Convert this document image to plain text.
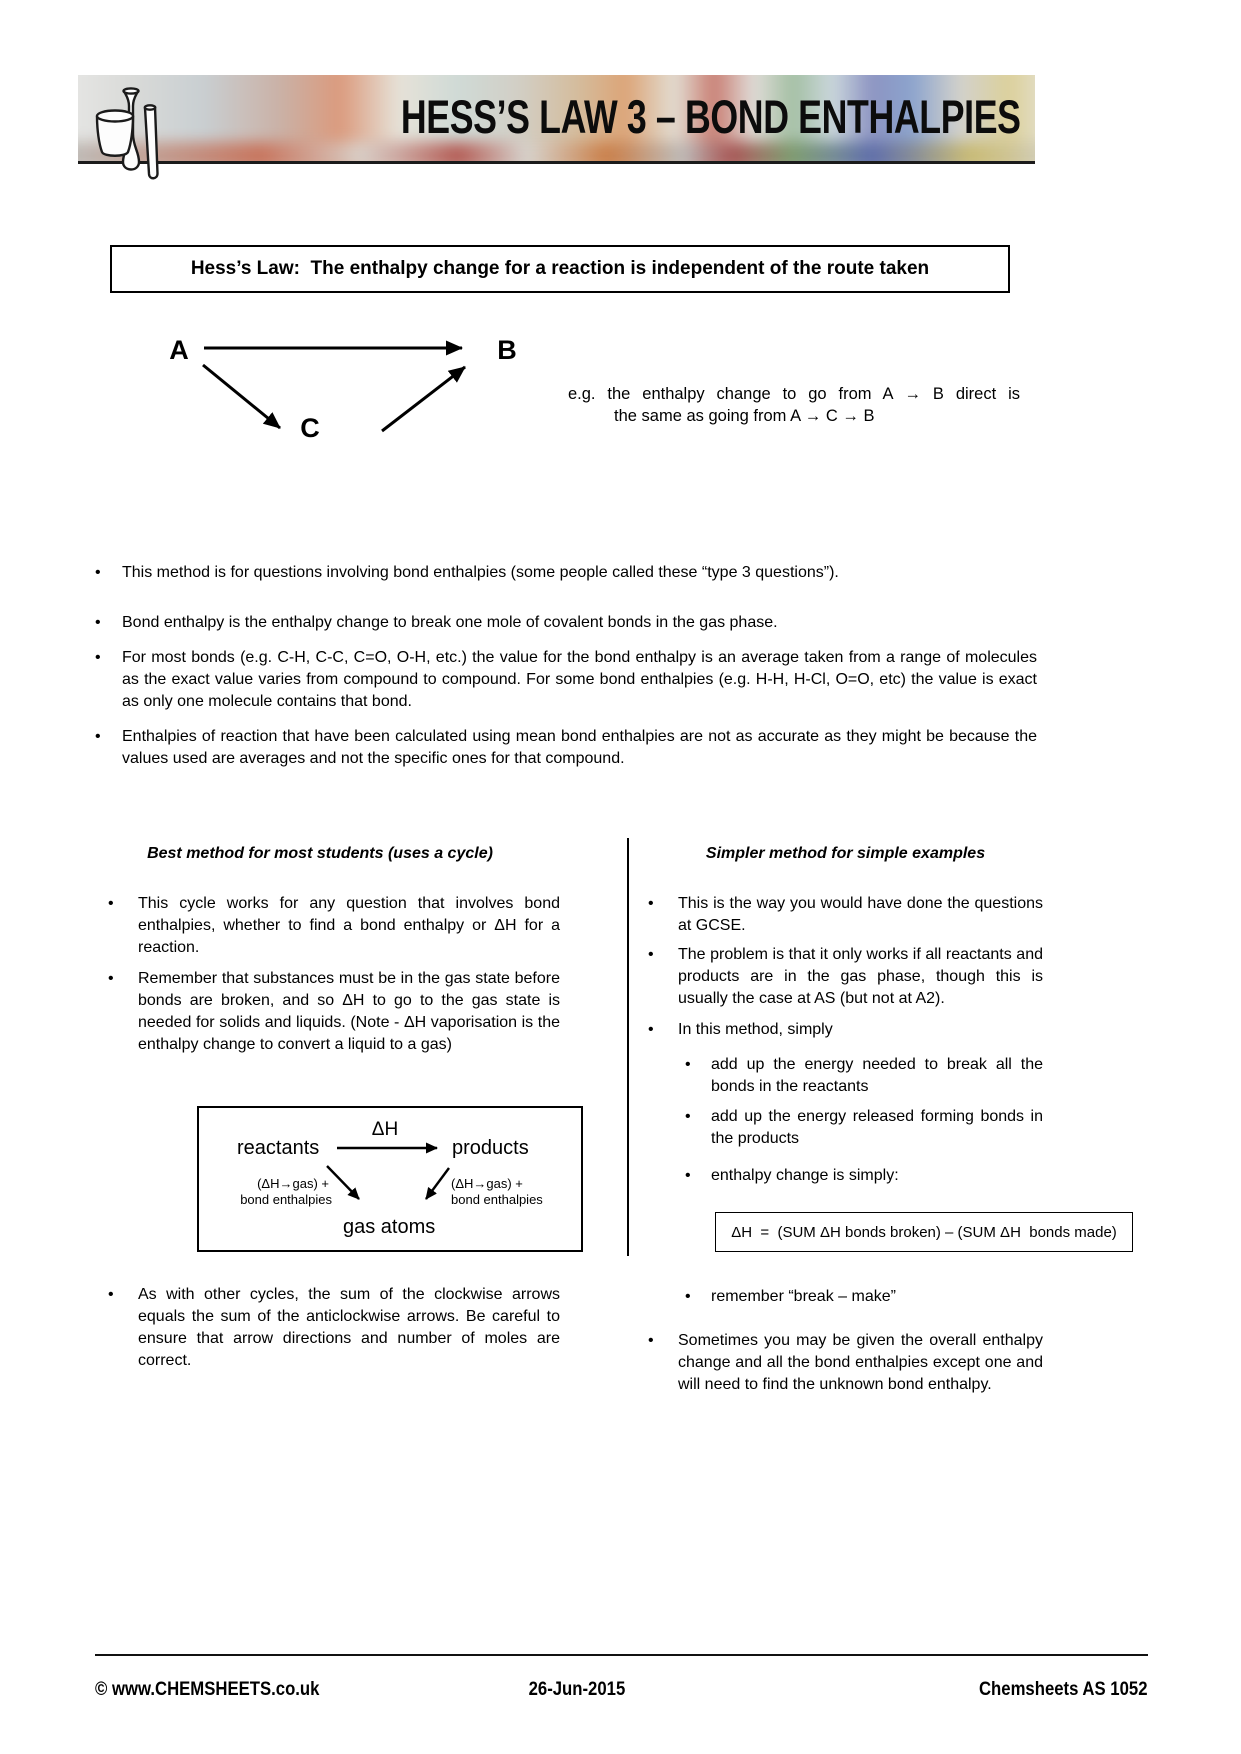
HESS’S LAW 3 – BOND ENTHALPIES
Hess’s Law:  The enthalpy change for a reaction is independent of the route taken
A	B
C
e.g. the enthalpy change to go from A → B direct is
the same as going from A → C → B
•
This method is for questions involving bond enthalpies (some people called these “type 3 questions”).
•
Bond enthalpy is the enthalpy change to break one mole of covalent bonds in the gas phase.
•
For most bonds (e.g. C-H, C-C, C=O, O-H, etc.) the value for the bond enthalpy is an average taken from a range of molecules as the exact value varies from compound to compound. For some bond enthalpies (e.g. H-H, H-Cl, O=O, etc) the value is exact as only one molecule contains that bond.
•
Enthalpies of reaction that have been calculated using mean bond enthalpies are not as accurate as they might be because the values used are averages and not the specific ones for that compound.
Best method for most students (uses a cycle)
•
This cycle works for any question that involves bond enthalpies, whether to find a bond enthalpy or ΔH for a reaction.
•
Remember that substances must be in the gas state before bonds are broken, and so ΔH to go to the gas state is needed for solids and liquids. (Note - ΔH vaporisation is the enthalpy change to convert a liquid to a gas)
reactants
ΔH
products
(ΔH→gas) +
bond enthalpies
(ΔH→gas) +
bond enthalpies
gas atoms
•
As with other cycles, the sum of the clockwise arrows equals the sum of the anticlockwise arrows. Be careful to ensure that arrow directions and number of moles are correct.
Simpler method for simple examples
•
This is the way you would have done the questions at GCSE.
•
The problem is that it only works if all reactants and products are in the gas phase, though this is usually the case at AS (but not at A2).
•
In this method, simply
•
add up the energy needed to break all the bonds in the reactants
•
add up the energy released forming bonds in the products
•
enthalpy change is simply:
ΔH  =  (SUM ΔH bonds broken) – (SUM ΔH  bonds made)
•
remember “break – make”
•
Sometimes you may be given the overall enthalpy change and all the bond enthalpies except one and will need to find the unknown bond enthalpy.
© www.CHEMSHEETS.co.uk	26-Jun-2015	Chemsheets AS 1052
